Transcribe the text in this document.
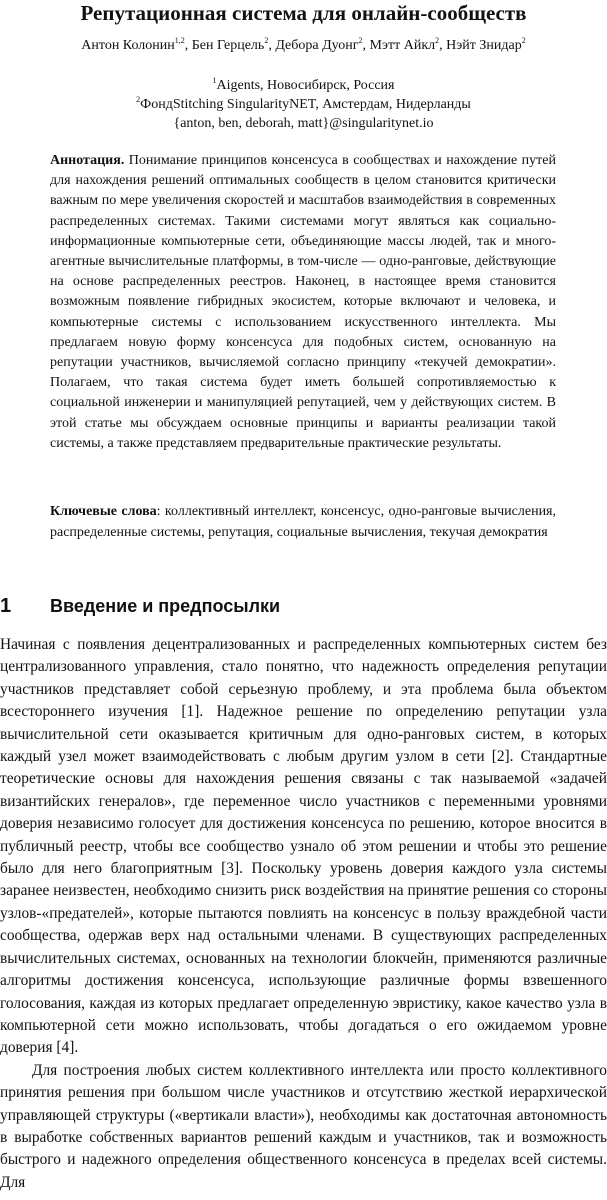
Репутационная система для онлайн-сообществ

Антон Колонин$^{1,2}$, Бен Герцель$^2$, Дебора Дуонг$^2$, Мэтт Айкл$^2$, Нэйт Знидар$^2$

$^1$Aigents, Новосибирск, Россия
$^2$ФондStitching SingularityNET, Амстердам, Нидерланды
{anton, ben, deborah, matt}@singularitynet.io

Аннотация. Понимание принципов консенсуса в сообществах и нахождение путей для нахождения решений оптимальных сообществ в целом становится критически важным по мере увеличения скоростей и масштабов взаимодействия в современных распределенных системах. Такими системами могут являться как социально-информационные компьютерные сети, объединяющие массы людей, так и много-агентные вычислительные платформы, в том-числе — одно-ранговые, действующие на основе распределенных реестров. Наконец, в настоящее время становится возможным появление гибридных экосистем, которые включают и человека, и компьютерные системы с использованием искусственного интеллекта. Мы предлагаем новую форму консенсуса для подобных систем, основанную на репутации участников, вычисляемой согласно принципу «текучей демократии». Полагаем, что такая система будет иметь большей сопротивляемостью к социальной инженерии и манипуляцией репутацией, чем у действующих систем. В этой статье мы обсуждаем основные принципы и варианты реализации такой системы, а также представляем предварительные практические результаты.

Ключевые слова: коллективный интеллект, консенсус, одно-ранговые вычисления, распределенные системы, репутация, социальные вычисления, текучая демократия

1 Введение и предпосылки

Начиная с появления децентрализованных и распределенных компьютерных систем без централизованного управления, стало понятно, что надежность определения репутации участников представляет собой серьезную проблему, и эта проблема была объектом всестороннего изучения [1]. Надежное решение по определению репутации узла вычислительной сети оказывается критичным для одно-ранговых систем, в которых каждый узел может взаимодействовать с любым другим узлом в сети [2]. Стандартные теоретические основы для нахождения решения связаны с так называемой «задачей византийских генералов», где переменное число участников с переменными уровнями доверия независимо голосует для достижения консенсуса по решению, которое вносится в публичный реестр, чтобы все сообщество узнало об этом решении и чтобы это решение было для него благоприятным [3]. Поскольку уровень доверия каждого узла системы заранее неизвестен, необходимо снизить риск воздействия на принятие решения со стороны узлов-«предателей», которые пытаются повлиять на консенсус в пользу враждебной части сообщества, одержав верх над остальными членами. В существующих распределенных вычислительных системах, основанных на технологии блокчейн, применяются различные алгоритмы достижения консенсуса, использующие различные формы взвешенного голосования, каждая из которых предлагает определенную эвристику, какое качество узла в компьютерной сети можно использовать, чтобы догадаться о его ожидаемом уровне доверия [4].

Для построения любых систем коллективного интеллекта или просто коллективного принятия решения при большом числе участников и отсутствию жесткой иерархической управляющей структуры («вертикали власти»), необходимы как достаточная автономность в выработке собственных вариантов решений каждым и участников, так и возможность быстрого и надежного определения общественного консенсуса в пределах всей системы. Для
